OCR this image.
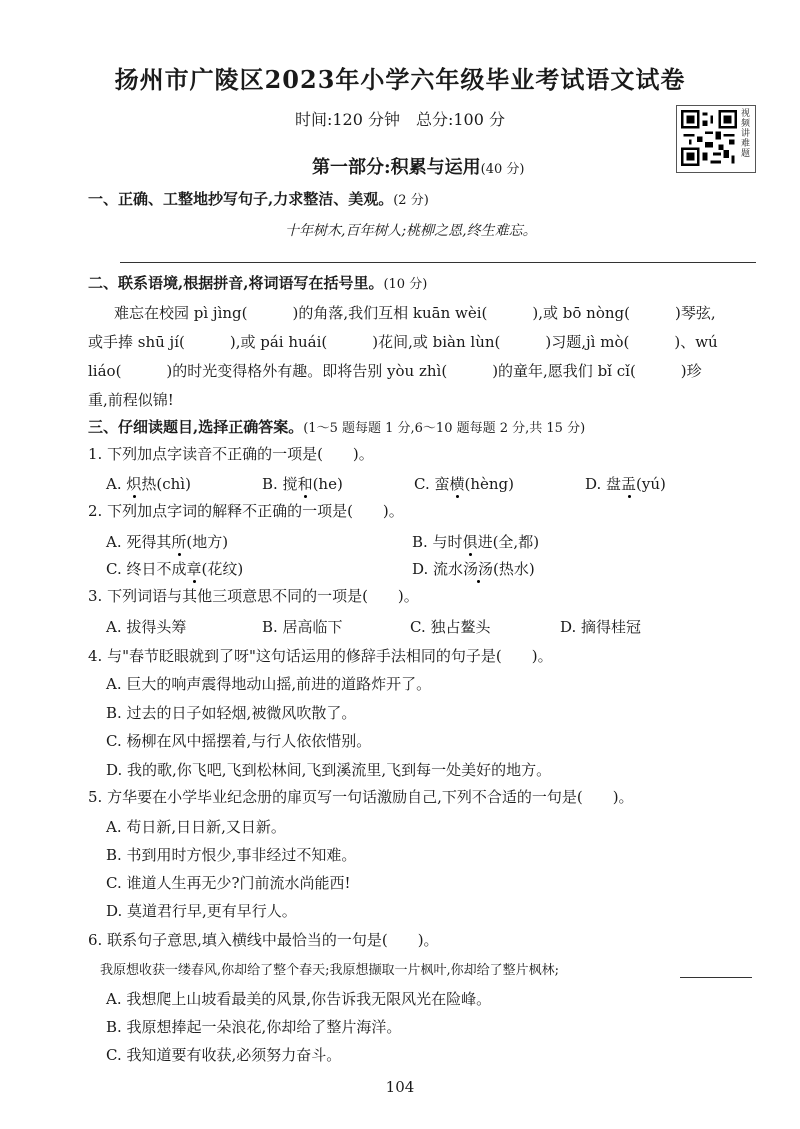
扬州市广陵区2023年小学六年级毕业考试语文试卷
时间:120 分钟　总分:100 分	视频讲难题
第一部分:积累与运用(40 分)
一、正确、工整地抄写句子,力求整洁、美观。(2 分)
十年树木,百年树人;桃柳之恩,终生难忘。
二、联系语境,根据拼音,将词语写在括号里。(10 分)
难忘在校园 pì jìng(　　　)的角落,我们互相 kuān wèi(　　　),或 bō nòng(　　　)琴弦,
或手捧 shū jí(　　　),或 pái huái(　　　)花间,或 biàn lùn(　　　)习题,jì mò(　　　)、wú
liáo(　　　)的时光变得格外有趣。即将告别 yòu zhì(　　　)的童年,愿我们 bǐ cǐ(　　　)珍
重,前程似锦!
三、仔细读题目,选择正确答案。(1～5 题每题 1 分,6～10 题每题 2 分,共 15 分)
1. 下列加点字读音不正确的一项是(　　)。
A. 炽热(chì)	B. 搅和(he)	C. 蛮横(hèng)	D. 盘盂(yú)
2. 下列加点字词的解释不正确的一项是(　　)。
A. 死得其所(地方)	B. 与时俱进(全,都)
C. 终日不成章(花纹)	D. 流水汤汤(热水)
3. 下列词语与其他三项意思不同的一项是(　　)。
A. 拔得头筹	B. 居高临下	C. 独占鳌头	D. 摘得桂冠
4. 与"春节眨眼就到了呀"这句话运用的修辞手法相同的句子是(　　)。
A. 巨大的响声震得地动山摇,前进的道路炸开了。
B. 过去的日子如轻烟,被微风吹散了。
C. 杨柳在风中摇摆着,与行人依依惜别。
D. 我的歌,你飞吧,飞到松林间,飞到溪流里,飞到每一处美好的地方。
5. 方华要在小学毕业纪念册的扉页写一句话激励自己,下列不合适的一句是(　　)。
A. 苟日新,日日新,又日新。
B. 书到用时方恨少,事非经过不知难。
C. 谁道人生再无少?门前流水尚能西!
D. 莫道君行早,更有早行人。
6. 联系句子意思,填入横线中最恰当的一句是(　　)。
我原想收获一缕春风,你却给了整个春天;我原想撷取一片枫叶,你却给了整片枫林;
A. 我想爬上山坡看最美的风景,你告诉我无限风光在险峰。
B. 我原想捧起一朵浪花,你却给了整片海洋。
C. 我知道要有收获,必须努力奋斗。
104
